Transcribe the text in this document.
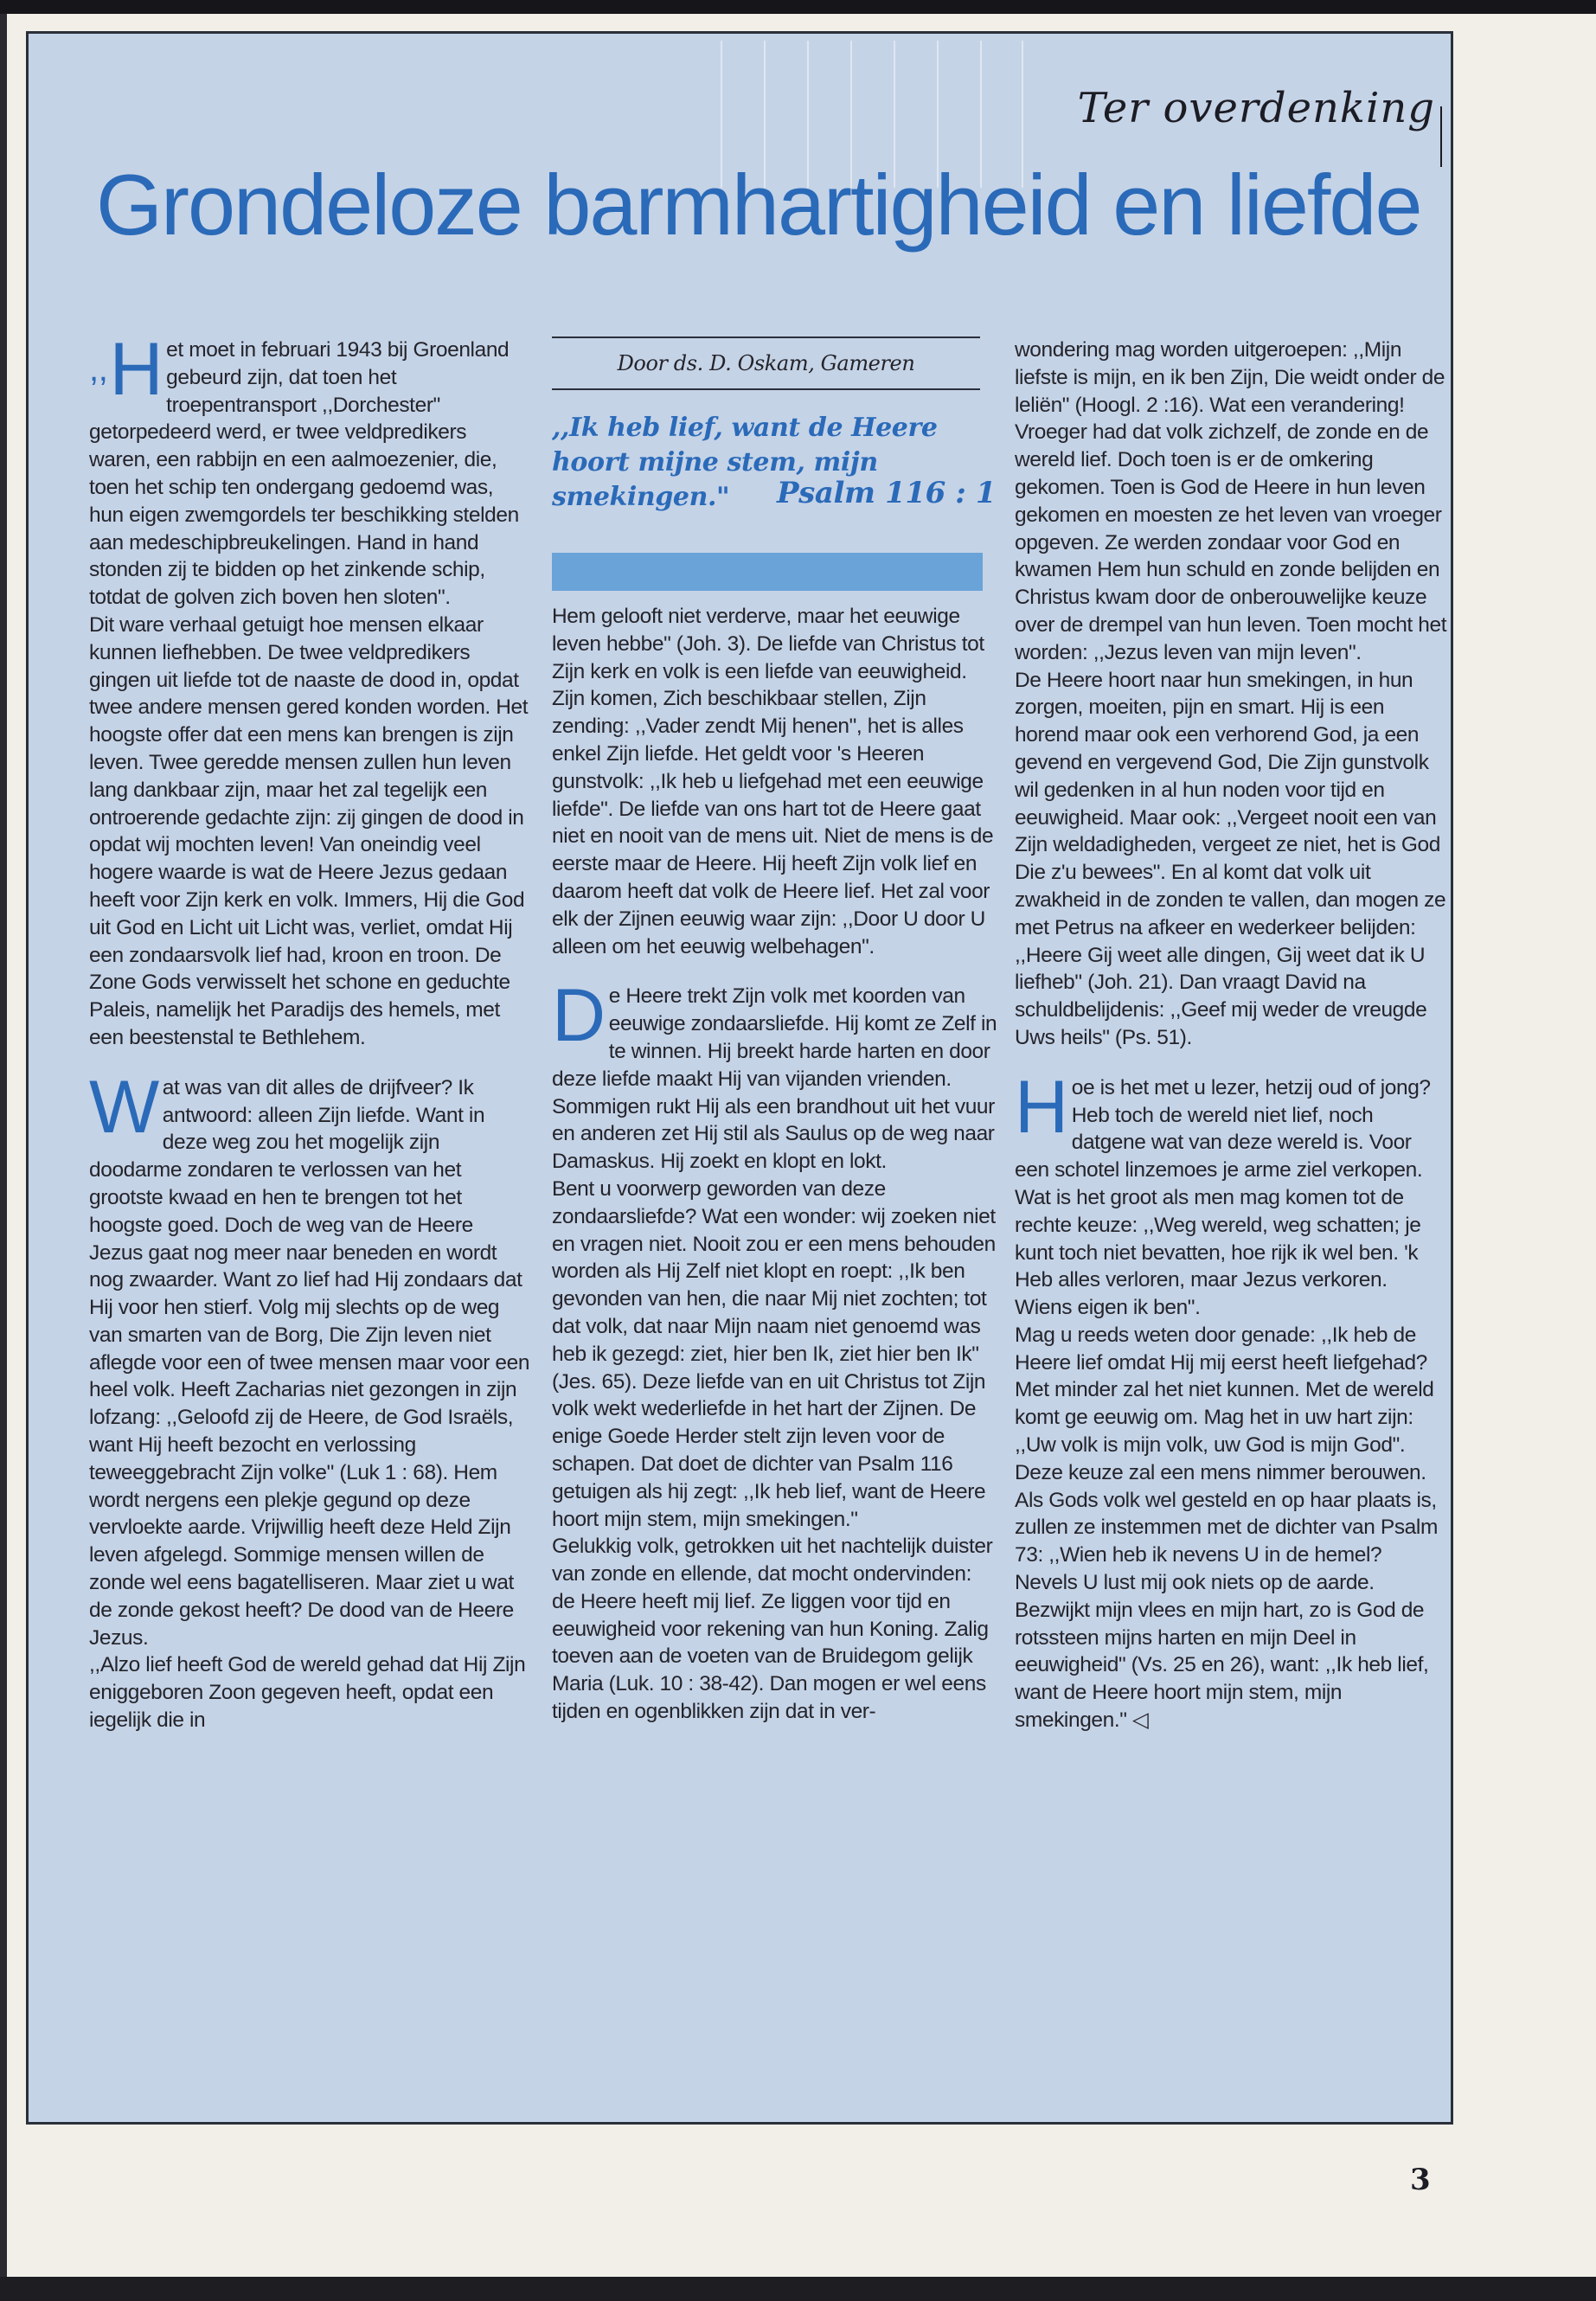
Ter overdenking
Grondeloze barmhartigheid en liefde

,,H et moet in februari 1943 bij Groenland gebeurd zijn, dat toen het troepentransport ,,Dorchester" getorpedeerd werd, er twee veldpredikers waren, een rabbijn en een aalmoezenier, die, toen het schip ten ondergang gedoemd was, hun eigen zwemgordels ter beschikking stelden aan medeschipbreukelingen. Hand in hand stonden zij te bidden op het zinkende schip, totdat de golven zich boven hen sloten".

Dit ware verhaal getuigt hoe mensen elkaar kunnen liefhebben. De twee veldpredikers gingen uit liefde tot de naaste de dood in, opdat twee andere mensen gered konden worden. Het hoogste offer dat een mens kan brengen is zijn leven. Twee geredde mensen zullen hun leven lang dankbaar zijn, maar het zal tegelijk een ontroerende gedachte zijn: zij gingen de dood in opdat wij mochten leven! Van oneindig veel hogere waarde is wat de Heere Jezus gedaan heeft voor Zijn kerk en volk. Immers, Hij die God uit God en Licht uit Licht was, verliet, omdat Hij een zondaarsvolk lief had, kroon en troon. De Zone Gods verwisselt het schone en geduchte Paleis, namelijk het Paradijs des hemels, met een beestenstal te Bethlehem.

Wat was van dit alles de drijfveer? Ik antwoord: alleen Zijn liefde. Want in deze weg zou het mogelijk zijn doodarme zondaren te verlossen van het grootste kwaad en hen te brengen tot het hoogste goed. Doch de weg van de Heere Jezus gaat nog meer naar beneden en wordt nog zwaarder. Want zo lief had Hij zondaars dat Hij voor hen stierf. Volg mij slechts op de weg van smarten van de Borg, Die Zijn leven niet aflegde voor een of twee mensen maar voor een heel volk. Heeft Zacharias niet gezongen in zijn lofzang: ,,Geloofd zij de Heere, de God Israëls, want Hij heeft bezocht en verlossing teweeggebracht Zijn volke" (Luk 1 : 68). Hem wordt nergens een plekje gegund op deze vervloekte aarde. Vrijwillig heeft deze Held Zijn leven afgelegd. Sommige mensen willen de zonde wel eens bagatelliseren. Maar ziet u wat de zonde gekost heeft? De dood van de Heere Jezus.

,,Alzo lief heeft God de wereld gehad dat Hij Zijn eniggeboren Zoon gegeven heeft, opdat een iegelijk die in

Door ds. D. Oskam, Gameren
,,Ik heb lief, want de Heere hoort mijne stem, mijn smekingen."	Psalm 116 : 1

Hem gelooft niet verderve, maar het eeuwige leven hebbe" (Joh. 3). De liefde van Christus tot Zijn kerk en volk is een liefde van eeuwigheid. Zijn komen, Zich beschikbaar stellen, Zijn zending: ,,Vader zendt Mij henen", het is alles enkel Zijn liefde. Het geldt voor 's Heeren gunstvolk: ,,Ik heb u liefgehad met een eeuwige liefde". De liefde van ons hart tot de Heere gaat niet en nooit van de mens uit. Niet de mens is de eerste maar de Heere. Hij heeft Zijn volk lief en daarom heeft dat volk de Heere lief. Het zal voor elk der Zijnen eeuwig waar zijn: ,,Door U door U alleen om het eeuwig welbehagen".

De Heere trekt Zijn volk met koorden van eeuwige zondaarsliefde. Hij komt ze Zelf in te winnen. Hij breekt harde harten en door deze liefde maakt Hij van vijanden vrienden. Sommigen rukt Hij als een brandhout uit het vuur en anderen zet Hij stil als Saulus op de weg naar Damaskus. Hij zoekt en klopt en lokt.

Bent u voorwerp geworden van deze zondaarsliefde? Wat een wonder: wij zoeken niet en vragen niet. Nooit zou er een mens behouden worden als Hij Zelf niet klopt en roept: ,,Ik ben gevonden van hen, die naar Mij niet zochten; tot dat volk, dat naar Mijn naam niet genoemd was heb ik gezegd: ziet, hier ben Ik, ziet hier ben Ik" (Jes. 65). Deze liefde van en uit Christus tot Zijn volk wekt wederliefde in het hart der Zijnen. De enige Goede Herder stelt zijn leven voor de schapen. Dat doet de dichter van Psalm 116 getuigen als hij zegt: ,,Ik heb lief, want de Heere hoort mijn stem, mijn smekingen."

Gelukkig volk, getrokken uit het nachtelijk duister van zonde en ellende, dat mocht ondervinden: de Heere heeft mij lief. Ze liggen voor tijd en eeuwigheid voor rekening van hun Koning. Zalig toeven aan de voeten van de Bruidegom gelijk Maria (Luk. 10 : 38-42). Dan mogen er wel eens tijden en ogenblikken zijn dat in ver-

wondering mag worden uitgeroepen: ,,Mijn liefste is mijn, en ik ben Zijn, Die weidt onder de leliën" (Hoogl. 2 :16). Wat een verandering! Vroeger had dat volk zichzelf, de zonde en de wereld lief. Doch toen is er de omkering gekomen. Toen is God de Heere in hun leven gekomen en moesten ze het leven van vroeger opgeven. Ze werden zondaar voor God en kwamen Hem hun schuld en zonde belijden en Christus kwam door de onberouwelijke keuze over de drempel van hun leven. Toen mocht het worden: ,,Jezus leven van mijn leven".

De Heere hoort naar hun smekingen, in hun zorgen, moeiten, pijn en smart. Hij is een horend maar ook een verhorend God, ja een gevend en vergevend God, Die Zijn gunstvolk wil gedenken in al hun noden voor tijd en eeuwigheid. Maar ook: ,,Vergeet nooit een van Zijn weldadigheden, vergeet ze niet, het is God Die z'u bewees". En al komt dat volk uit zwakheid in de zonden te vallen, dan mogen ze met Petrus na afkeer en wederkeer belijden: ,,Heere Gij weet alle dingen, Gij weet dat ik U liefheb" (Joh. 21). Dan vraagt David na schuldbelijdenis: ,,Geef mij weder de vreugde Uws heils" (Ps. 51).

Hoe is het met u lezer, hetzij oud of jong? Heb toch de wereld niet lief, noch datgene wat van deze wereld is. Voor een schotel linzemoes je arme ziel verkopen. Wat is het groot als men mag komen tot de rechte keuze: ,,Weg wereld, weg schatten; je kunt toch niet bevatten, hoe rijk ik wel ben. 'k Heb alles verloren, maar Jezus verkoren. Wiens eigen ik ben".

Mag u reeds weten door genade: ,,Ik heb de Heere lief omdat Hij mij eerst heeft liefgehad? Met minder zal het niet kunnen. Met de wereld komt ge eeuwig om. Mag het in uw hart zijn: ,,Uw volk is mijn volk, uw God is mijn God". Deze keuze zal een mens nimmer berouwen. Als Gods volk wel gesteld en op haar plaats is, zullen ze instemmen met de dichter van Psalm 73: ,,Wien heb ik nevens U in de hemel? Nevels U lust mij ook niets op de aarde. Bezwijkt mijn vlees en mijn hart, zo is God de rotssteen mijns harten en mijn Deel in eeuwigheid" (Vs. 25 en 26), want: ,,Ik heb lief, want de Heere hoort mijn stem, mijn smekingen." ◁

3
